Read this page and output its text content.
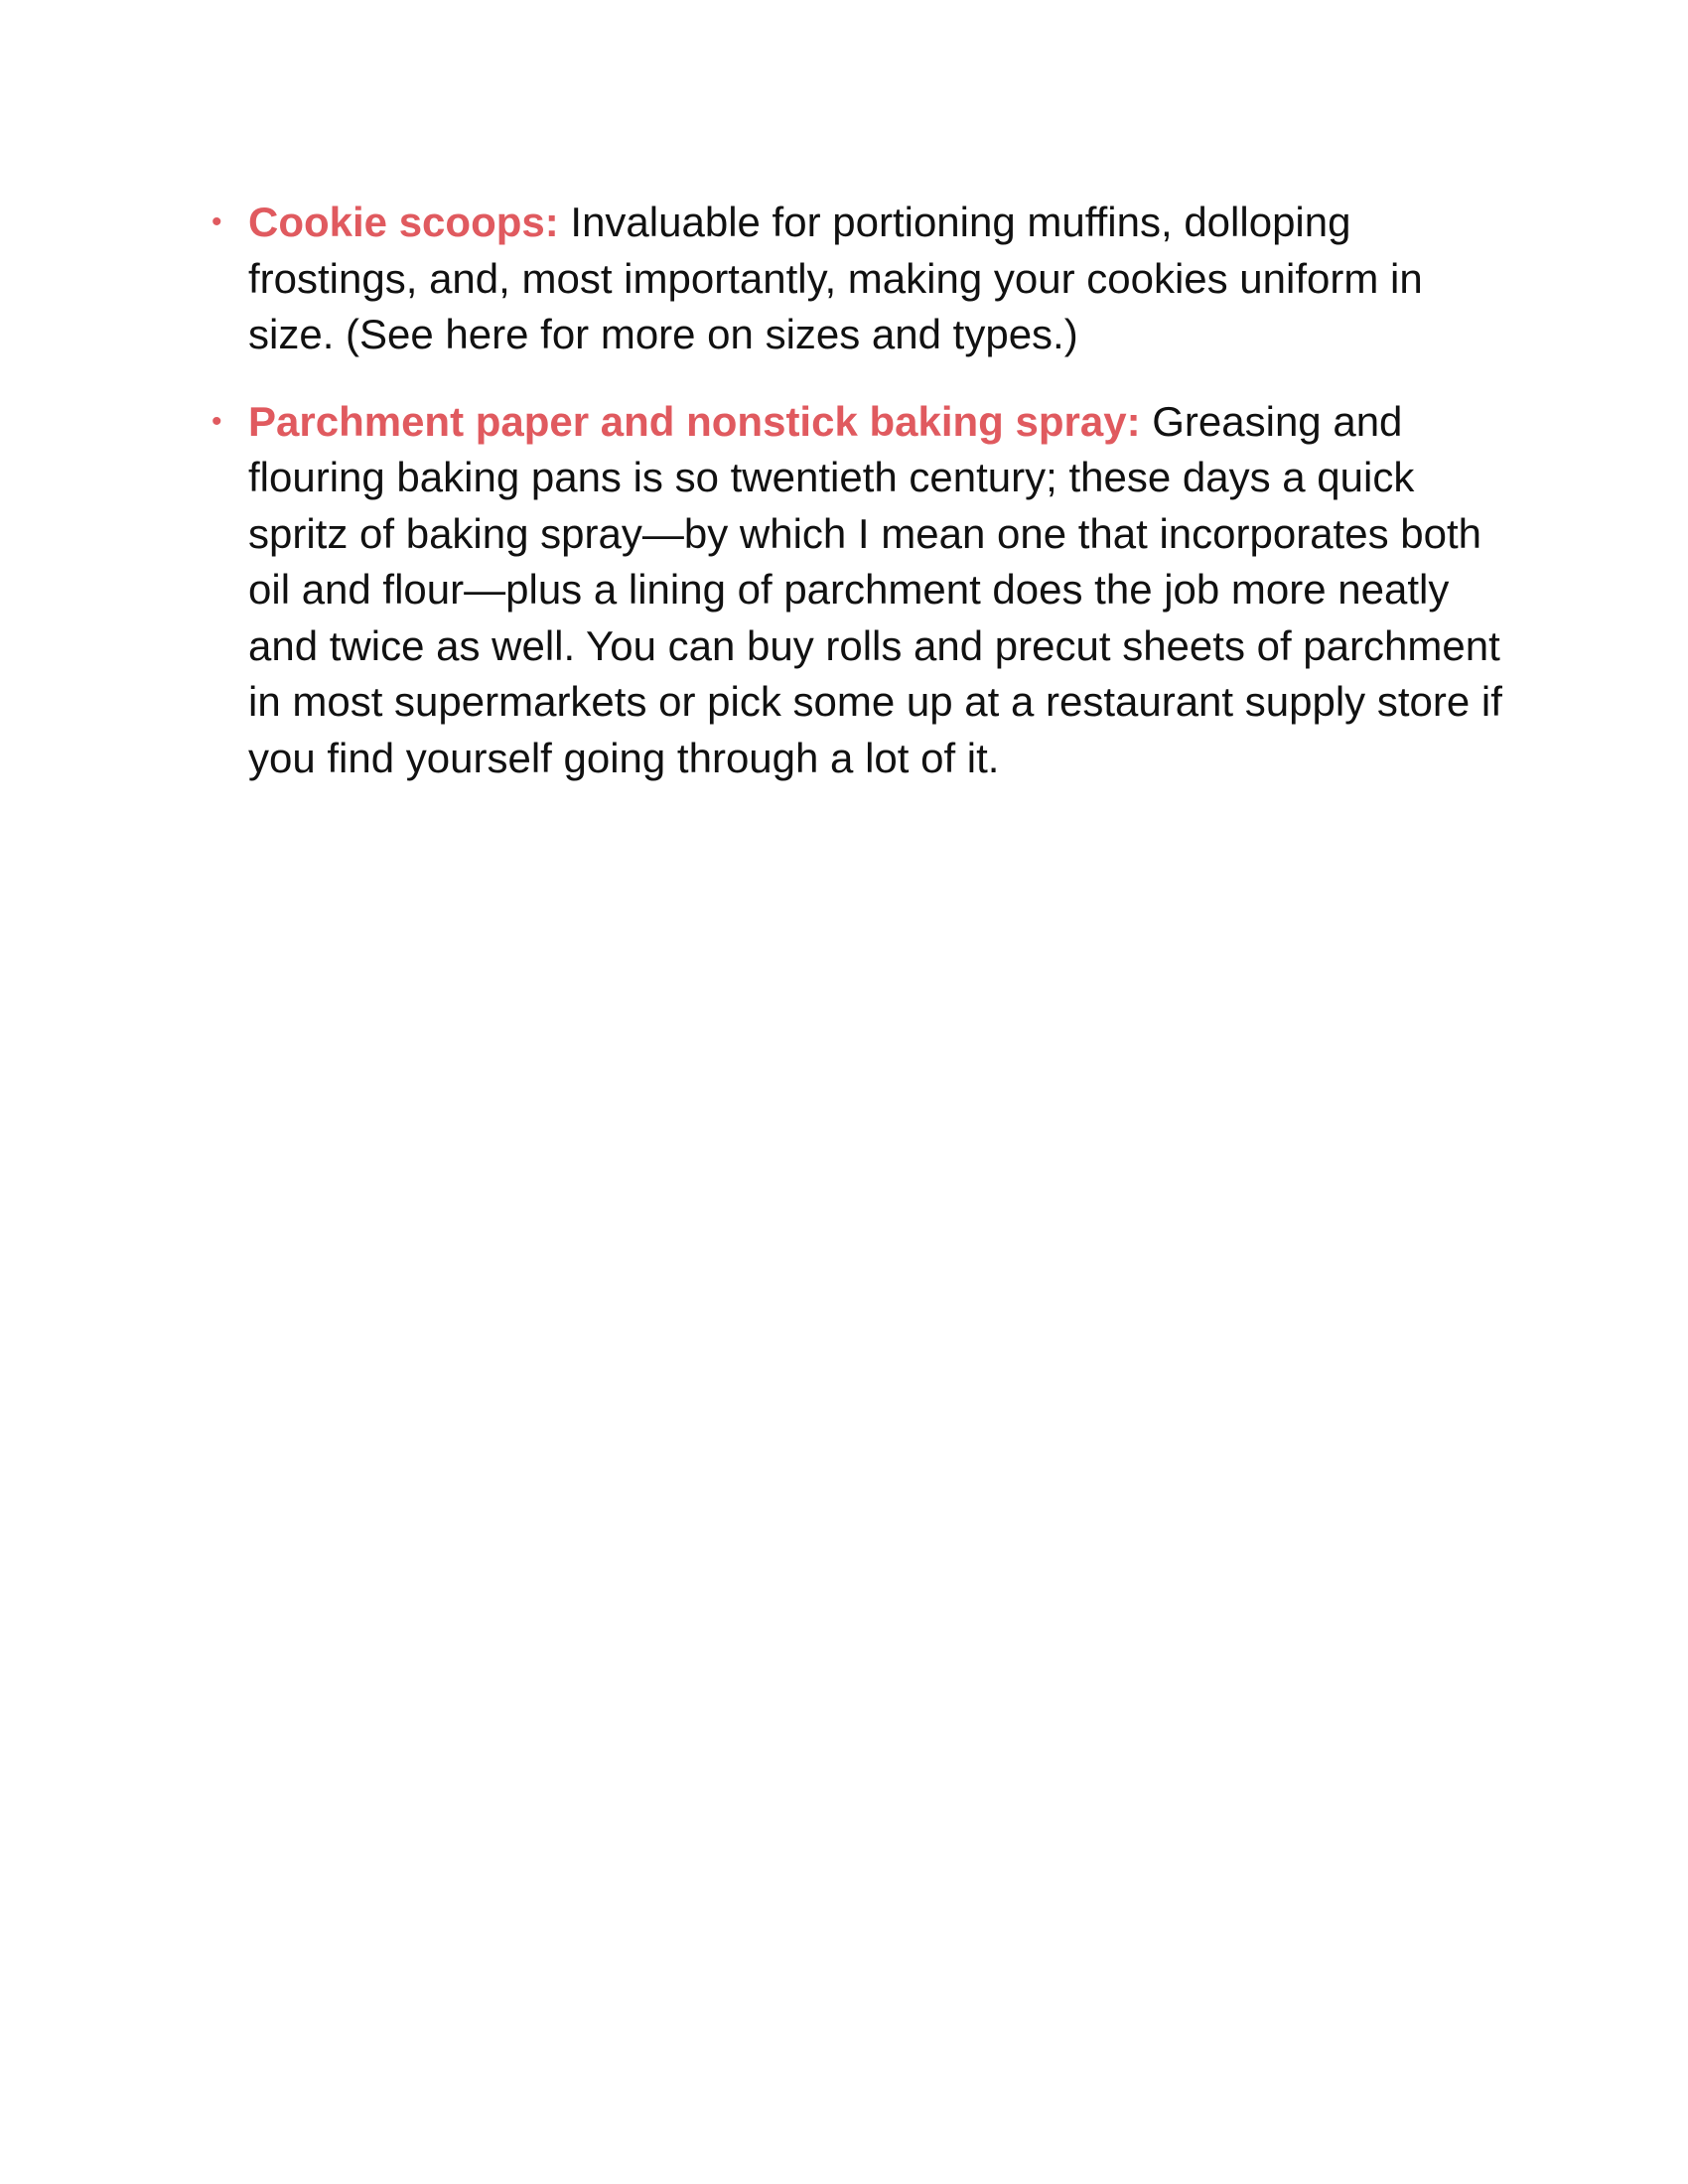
• Cookie scoops: Invaluable for portioning muffins, dolloping frostings, and, most importantly, making your cookies uniform in size. (See here for more on sizes and types.)
• Parchment paper and nonstick baking spray: Greasing and flouring baking pans is so twentieth century; these days a quick spritz of baking spray—by which I mean one that incorporates both oil and flour—plus a lining of parchment does the job more neatly and twice as well. You can buy rolls and precut sheets of parchment in most supermarkets or pick some up at a restaurant supply store if you find yourself going through a lot of it.
